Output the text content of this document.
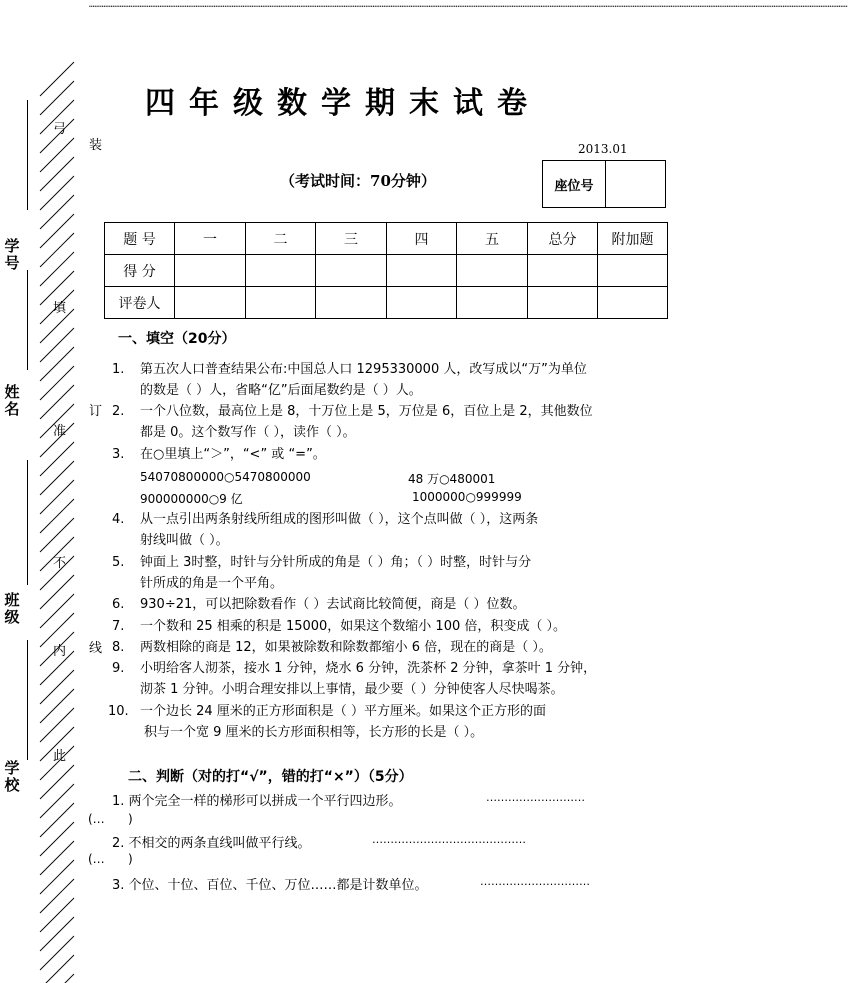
……………………………………………………………………………………………………………………………………………………………………………………………………………………………………………………………………………………………………………………………………………………………………………………
学号
姓名
班级
学校
弓
装
填
订
准
不
内 线
此
四年级数学期末试卷
2013.01
（考试时间：70分钟）	座位号
题 号	一	二	三	四	五	总分	附加题
得 分							
评卷人							
一、填空（20分）
1. 第五次人口普查结果公布:中国总人口 1295330000 人，改写成以“万”为单位
的数是（ ）人，省略“亿”后面尾数约是（ ）人。
2. 一个八位数，最高位上是 8，十万位上是 5，万位是 6，百位上是 2，其他数位
都是 0。这个数写作（ ），读作（ ）。
3. 在○里填上“＞”，“<” 或 “=”。
54070800000○5470800000	48 万○480001
900000000○9 亿	1000000○999999
4. 从一点引出两条射线所组成的图形叫做（ ），这个点叫做（ ），这两条
射线叫做（ ）。
5. 钟面上 3时整，时针与分针所成的角是（ ）角；（ ）时整，时针与分
针所成的角是一个平角。
6. 930÷21，可以把除数看作（ ）去试商比较简便，商是（ ）位数。
7. 一个数和 25 相乘的积是 15000，如果这个数缩小 100 倍，积变成（ ）。
8. 两数相除的商是 12，如果被除数和除数都缩小 6 倍，现在的商是（ ）。
9. 小明给客人沏茶，接水 1 分钟，烧水 6 分钟，洗茶杯 2 分钟，拿茶叶 1 分钟，
沏茶 1 分钟。小明合理安排以上事情，最少要（ ）分钟使客人尽快喝茶。
10. 一个边长 24 厘米的正方形面积是（ ）平方厘米。如果这个正方形的面
积与一个宽 9 厘米的长方形面积相等，长方形的长是（ ）。
二、判断（对的打“√”，错的打“×”）（5分）
1. 两个完全一样的梯形可以拼成一个平行四边形。	………………………
(… )
2. 不相交的两条直线叫做平行线。	……………………………………
(… )
3. 个位、十位、百位、千位、万位……都是计数单位。	…………………………
